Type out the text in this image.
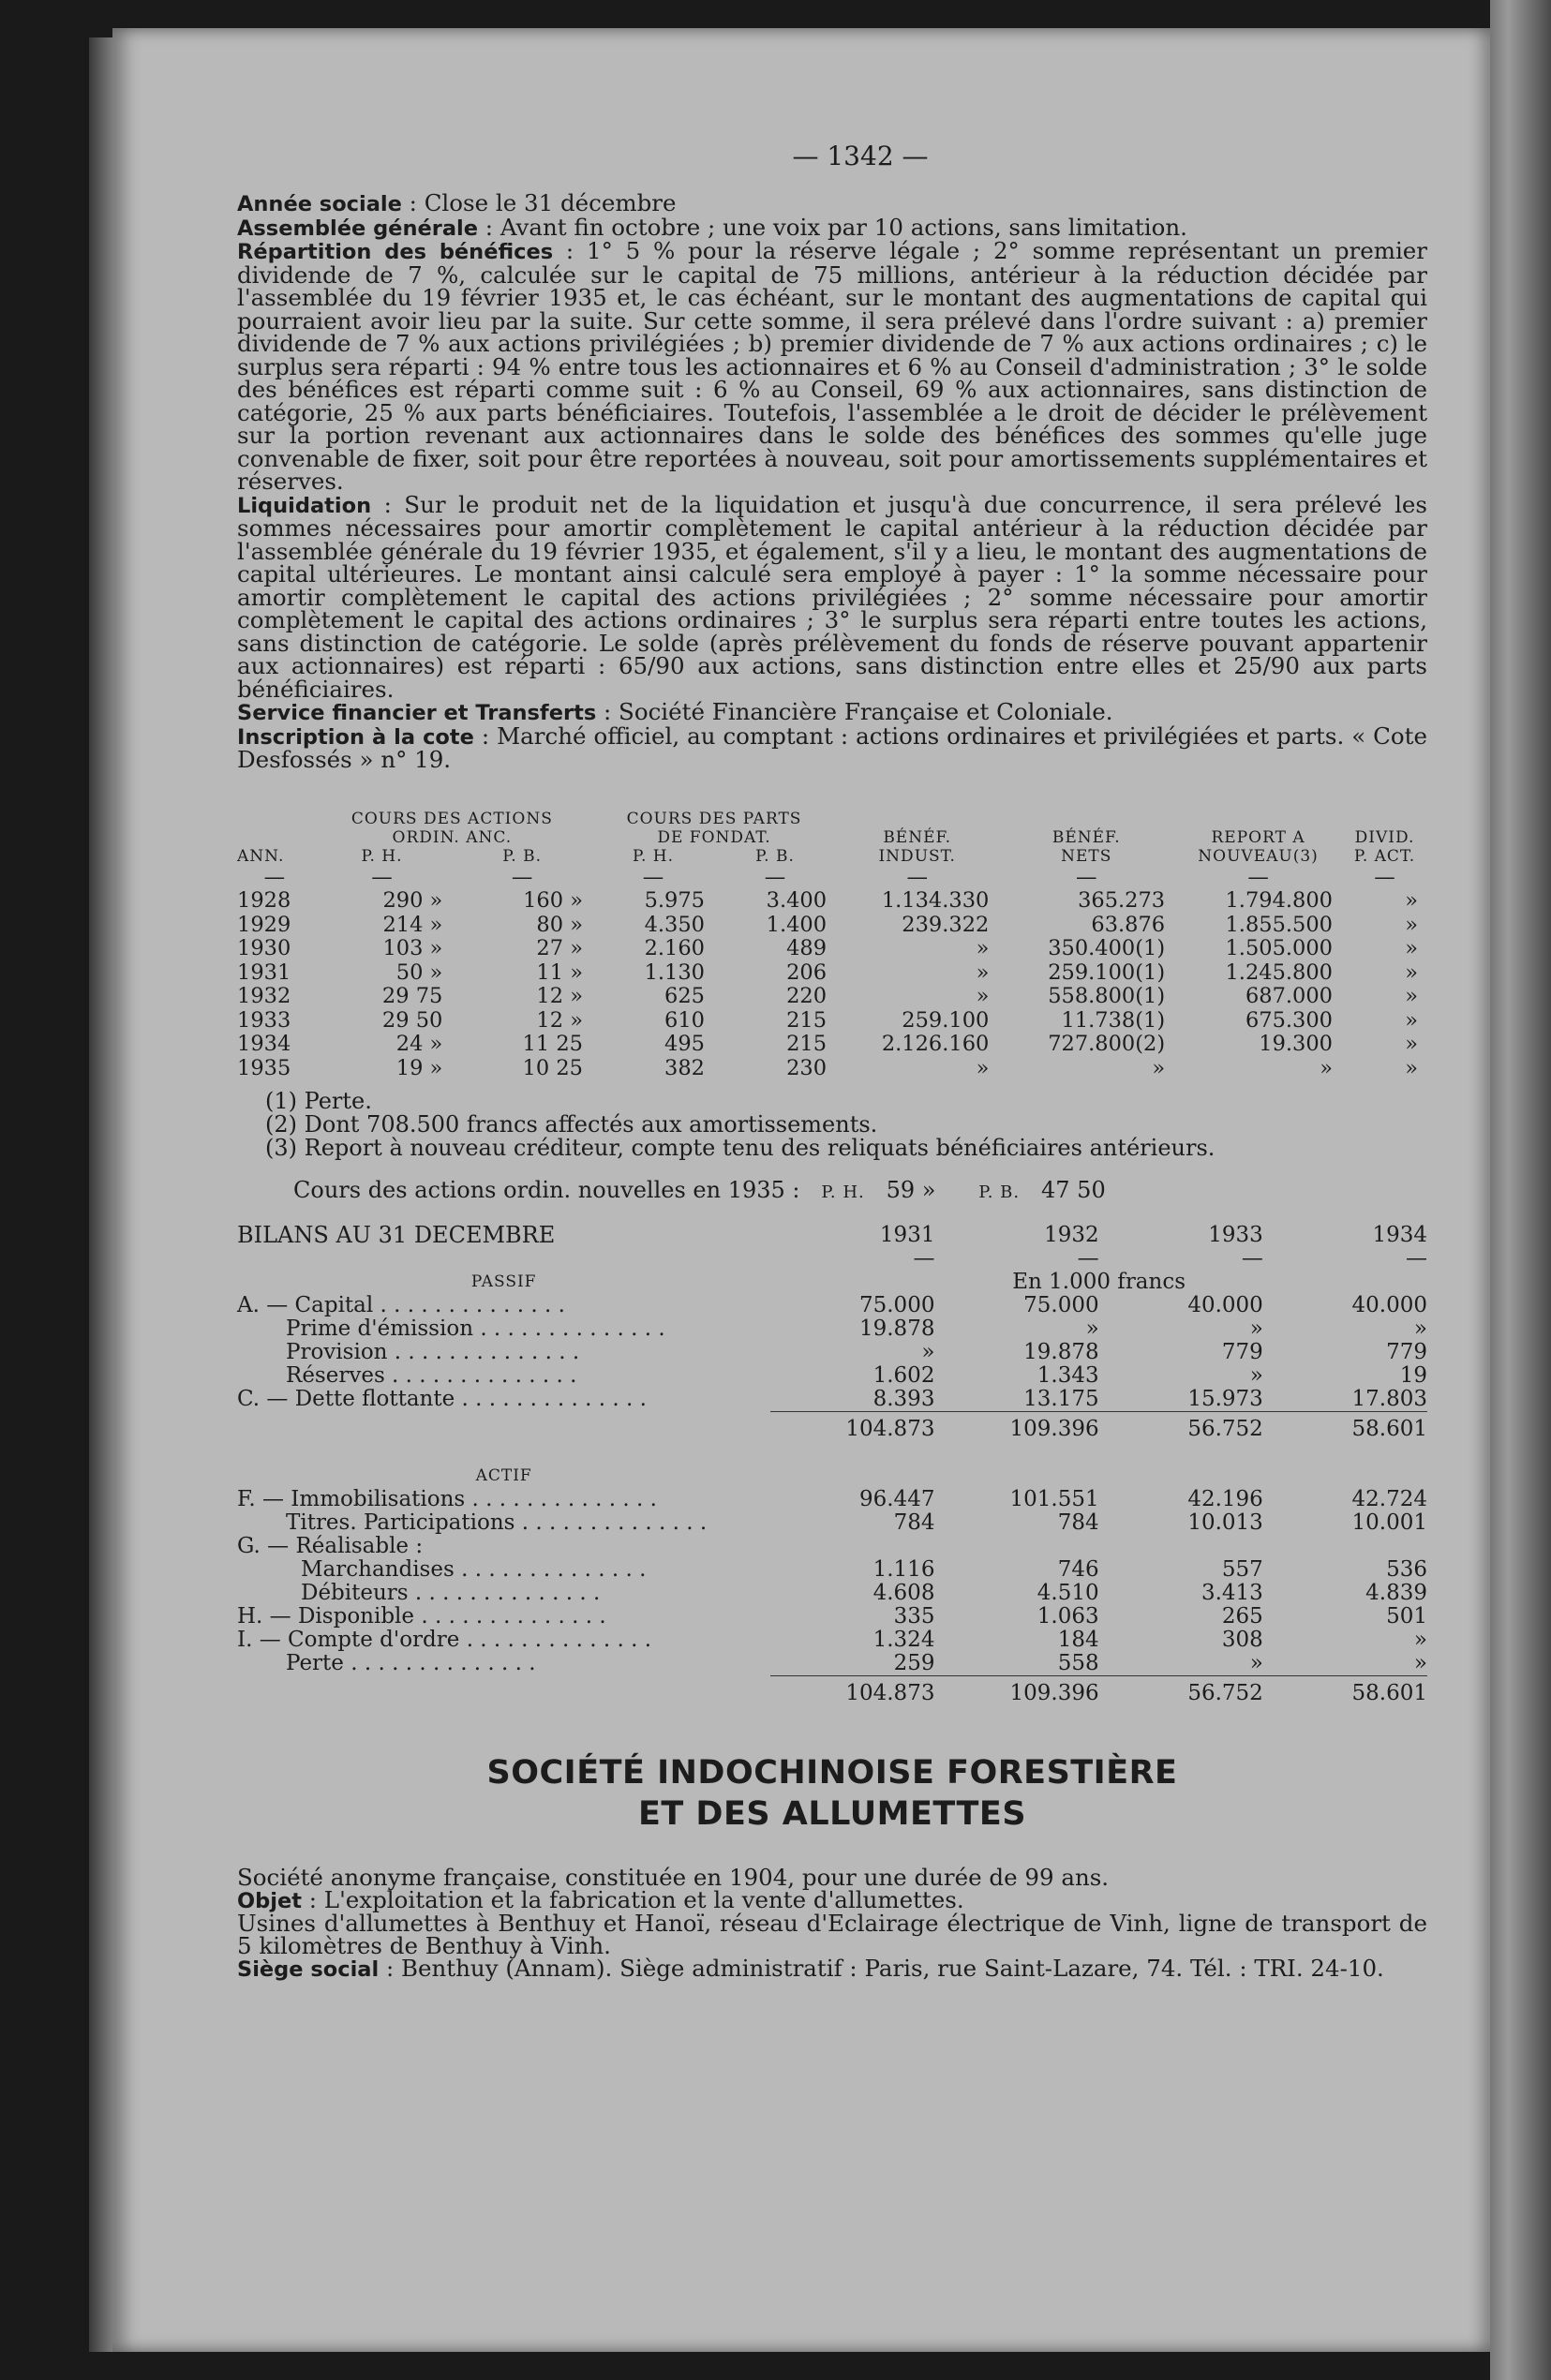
— 1342 —

Année sociale : Close le 31 décembre

Assemblée générale : Avant fin octobre ; une voix par 10 actions, sans limitation.

Répartition des bénéfices : 1° 5 % pour la réserve légale ; 2° somme représentant un premier dividende de 7 %, calculée sur le capital de 75 millions, antérieur à la réduction décidée par l'assemblée du 19 février 1935 et, le cas échéant, sur le montant des augmentations de capital qui pourraient avoir lieu par la suite. Sur cette somme, il sera prélevé dans l'ordre suivant : a) premier dividende de 7 % aux actions privilégiées ; b) premier dividende de 7 % aux actions ordinaires ; c) le surplus sera réparti : 94 % entre tous les actionnaires et 6 % au Conseil d'administration ; 3° le solde des bénéfices est réparti comme suit : 6 % au Conseil, 69 % aux actionnaires, sans distinction de catégorie, 25 % aux parts bénéficiaires. Toutefois, l'assemblée a le droit de décider le prélèvement sur la portion revenant aux actionnaires dans le solde des bénéfices des sommes qu'elle juge convenable de fixer, soit pour être reportées à nouveau, soit pour amortissements supplémentaires et réserves.

Liquidation : Sur le produit net de la liquidation et jusqu'à due concurrence, il sera prélevé les sommes nécessaires pour amortir complètement le capital antérieur à la réduction décidée par l'assemblée générale du 19 février 1935, et également, s'il y a lieu, le montant des augmentations de capital ultérieures. Le montant ainsi calculé sera employé à payer : 1° la somme nécessaire pour amortir complètement le capital des actions privilégiées ; 2° somme nécessaire pour amortir complètement le capital des actions ordinaires ; 3° le surplus sera réparti entre toutes les actions, sans distinction de catégorie. Le solde (après prélèvement du fonds de réserve pouvant appartenir aux actionnaires) est réparti : 65/90 aux actions, sans distinction entre elles et 25/90 aux parts bénéficiaires.

Service financier et Transferts : Société Financière Française et Coloniale.

Inscription à la cote : Marché officiel, au comptant : actions ordinaires et privilégiées et parts. « Cote Desfossés » n° 19.

	COURS DES ACTIONS		COURS DES PARTS					
	ORDIN. ANC.		DE FONDAT.		BÉNÉF.	BÉNÉF.	REPORT A	DIVID.
ANN.	P. H.	P. B.	P. H.	P. B.	INDUST.	NETS	NOUVEAU(3)	P. ACT.
—	—	—	—	—	—	—	—	—
1928	290 »	160 »	5.975	3.400	1.134.330	365.273	1.794.800	»
1929	214 »	80 »	4.350	1.400	239.322	63.876	1.855.500	»
1930	103 »	27 »	2.160	489	»	350.400(1)	1.505.000	»
1931	50 »	11 »	1.130	206	»	259.100(1)	1.245.800	»
1932	29 75	12 »	625	220	»	558.800(1)	687.000	»
1933	29 50	12 »	610	215	259.100	11.738(1)	675.300	»
1934	24 »	11 25	495	215	2.126.160	727.800(2)	19.300	»
1935	19 »	10 25	382	230	»	»	»	»
(1) Perte.
(2) Dont 708.500 francs affectés aux amortissements.
(3) Report à nouveau créditeur, compte tenu des reliquats bénéficiaires antérieurs.
Cours des actions ordin. nouvelles en 1935 : P. H. 59 »	P. B. 47 50
BILANS AU 31 DECEMBRE	1931	1932	1933	1934
	—	—	—	—
PASSIF		En 1.000 francs		
A. — Capital . . . . . . . . . . . . . .	75.000	75.000	40.000	40.000
Prime d'émission . . . . . . . . . . . . . .	19.878	»	»	»
Provision . . . . . . . . . . . . . .	»	19.878	779	779
Réserves . . . . . . . . . . . . . .	1.602	1.343	»	19
C. — Dette flottante . . . . . . . . . . . . . .	8.393	13.175	15.973	17.803
	104.873	109.396	56.752	58.601

ACTIF				
F. — Immobilisations . . . . . . . . . . . . . .	96.447	101.551	42.196	42.724
Titres. Participations . . . . . . . . . . . . . .	784	784	10.013	10.001
G. — Réalisable :				
Marchandises . . . . . . . . . . . . . .	1.116	746	557	536
Débiteurs . . . . . . . . . . . . . .	4.608	4.510	3.413	4.839
H. — Disponible . . . . . . . . . . . . . .	335	1.063	265	501
I. — Compte d'ordre . . . . . . . . . . . . . .	1.324	184	308	»
Perte . . . . . . . . . . . . . .	259	558	»	»
	104.873	109.396	56.752	58.601
SOCIÉTÉ INDOCHINOISE FORESTIÈRE
ET DES ALLUMETTES

Société anonyme française, constituée en 1904, pour une durée de 99 ans.

Objet : L'exploitation et la fabrication et la vente d'allumettes.

Usines d'allumettes à Benthuy et Hanoï, réseau d'Eclairage électrique de Vinh, ligne de transport de 5 kilomètres de Benthuy à Vinh.

Siège social : Benthuy (Annam). Siège administratif : Paris, rue Saint-Lazare, 74. Tél. : TRI. 24-10.
